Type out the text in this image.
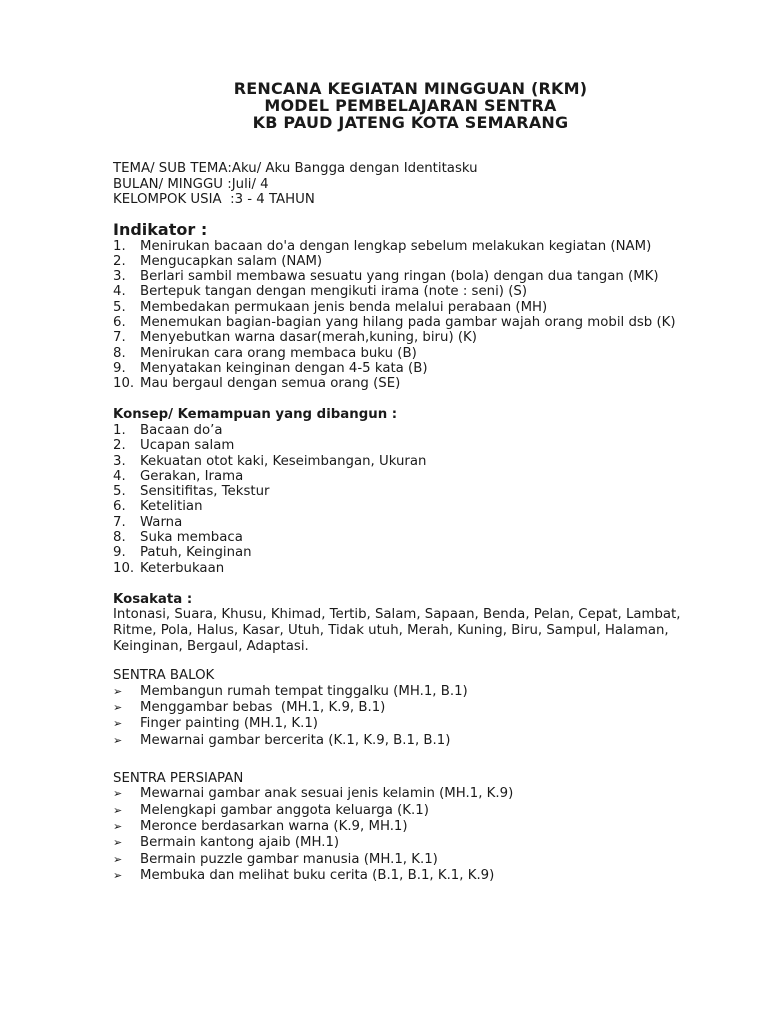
RENCANA KEGIATAN MINGGUAN (RKM)
MODEL PEMBELAJARAN SENTRA
KB PAUD JATENG KOTA SEMARANG
TEMA/ SUB TEMA : Aku/ Aku Bangga dengan Identitasku
BULAN/ MINGGU : Juli/ 4
KELOMPOK USIA : 3 - 4 TAHUN
Indikator :
1.	Menirukan bacaan do'a dengan lengkap sebelum melakukan kegiatan (NAM)
2.	Mengucapkan salam (NAM)
3.	Berlari sambil membawa sesuatu yang ringan (bola) dengan dua tangan (MK)
4.	Bertepuk tangan dengan mengikuti irama (note : seni) (S)
5.	Membedakan permukaan jenis benda melalui perabaan (MH)
6.	Menemukan bagian-bagian yang hilang pada gambar wajah orang mobil dsb (K)
7.	Menyebutkan warna dasar(merah,kuning, biru) (K)
8.	Menirukan cara orang membaca buku (B)
9.	Menyatakan keinginan dengan 4-5 kata (B)
10. Mau bergaul dengan semua orang (SE)
Konsep/ Kemampuan yang dibangun :
1.	Bacaan do’a
2.	Ucapan salam
3.	Kekuatan otot kaki, Keseimbangan, Ukuran
4.	Gerakan, Irama
5.	Sensitifitas, Tekstur
6.	Ketelitian
7.	Warna
8.	Suka membaca
9.	Patuh, Keinginan
10. Keterbukaan
Kosakata :
Intonasi, Suara, Khusu, Khimad, Tertib, Salam, Sapaan, Benda, Pelan, Cepat, Lambat, Ritme, Pola, Halus, Kasar, Utuh, Tidak utuh, Merah, Kuning, Biru, Sampul, Halaman, Keinginan, Bergaul, Adaptasi.
SENTRA BALOK
➢	Membangun rumah tempat tinggalku (MH.1, B.1)
➢	Menggambar bebas  (MH.1, K.9, B.1)
➢	Finger painting (MH.1, K.1)
➢	Mewarnai gambar bercerita (K.1, K.9, B.1, B.1)
SENTRA PERSIAPAN
➢	Mewarnai gambar anak sesuai jenis kelamin (MH.1, K.9)
➢	Melengkapi gambar anggota keluarga (K.1)
➢	Meronce berdasarkan warna (K.9, MH.1)
➢	Bermain kantong ajaib (MH.1)
➢	Bermain puzzle gambar manusia (MH.1, K.1)
➢	Membuka dan melihat buku cerita (B.1, B.1, K.1, K.9)
